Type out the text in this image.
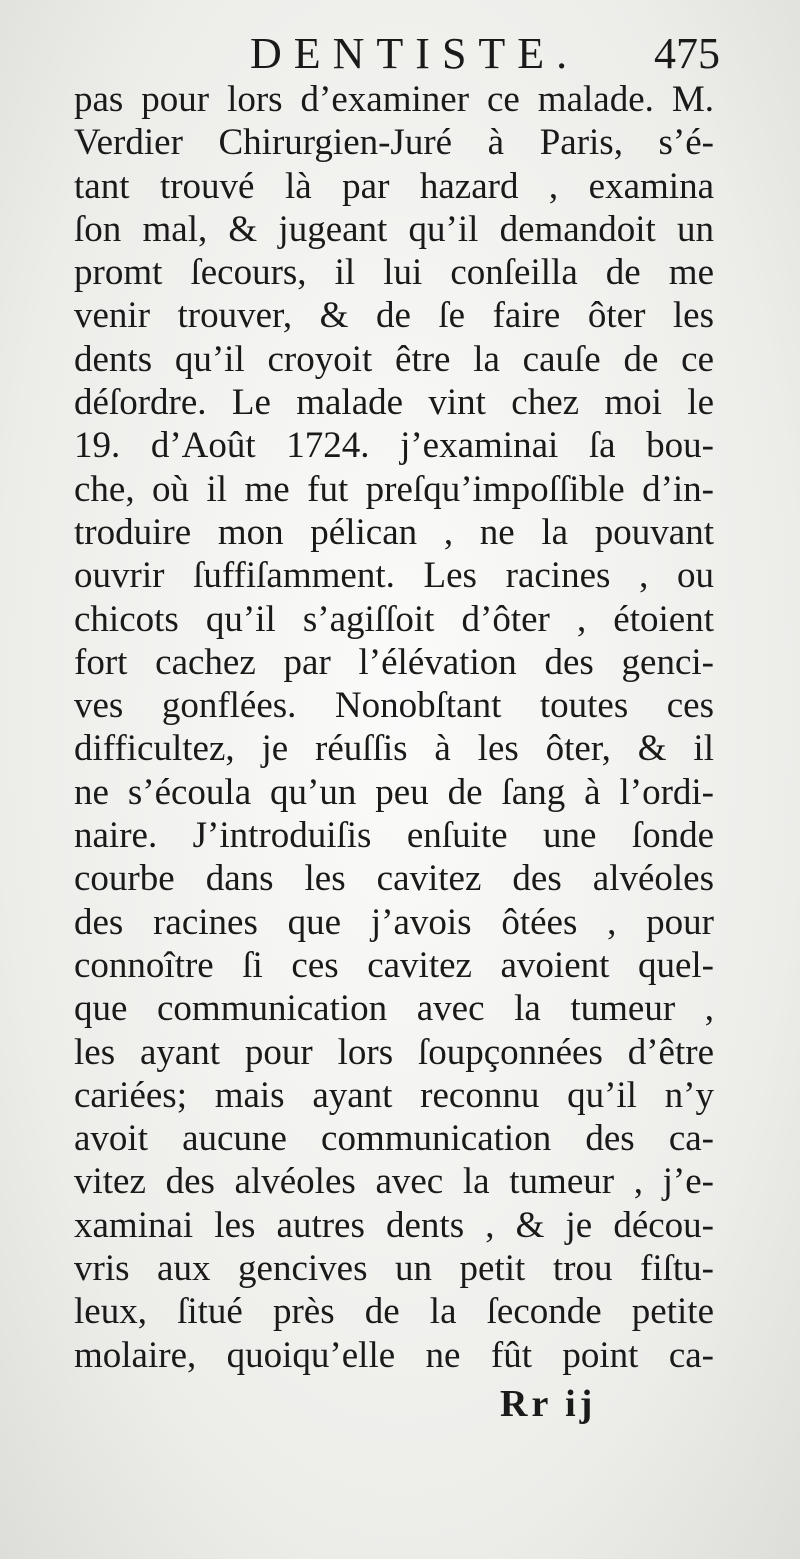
DENTISTE. 475
pas pour lors d’examiner ce malade. M.
Verdier Chirurgien-Juré à Paris, s’é-
tant trouvé là par hazard , examina
ſon mal, & jugeant qu’il demandoit un
promt ſecours, il lui conſeilla de me
venir trouver, & de ſe faire ôter les
dents qu’il croyoit être la cauſe de ce
déſordre. Le malade vint chez moi le
19. d’Août 1724. j’examinai ſa bou-
che, où il me fut preſqu’impoſſible d’in-
troduire mon pélican , ne la pouvant
ouvrir ſuffiſamment. Les racines , ou
chicots qu’il s’agiſſoit d’ôter , étoient
fort cachez par l’élévation des genci-
ves gonflées. Nonobſtant toutes ces
difficultez, je réuſſis à les ôter, & il
ne s’écoula qu’un peu de ſang à l’ordi-
naire. J’introduiſis enſuite une ſonde
courbe dans les cavitez des alvéoles
des racines que j’avois ôtées , pour
connoître ſi ces cavitez avoient quel-
que communication avec la tumeur ,
les ayant pour lors ſoupçonnées d’être
cariées; mais ayant reconnu qu’il n’y
avoit aucune communication des ca-
vitez des alvéoles avec la tumeur , j’e-
xaminai les autres dents , & je décou-
vris aux gencives un petit trou fiſtu-
leux, ſitué près de la ſeconde petite
molaire, quoiqu’elle ne fût point ca-
Rr ij
